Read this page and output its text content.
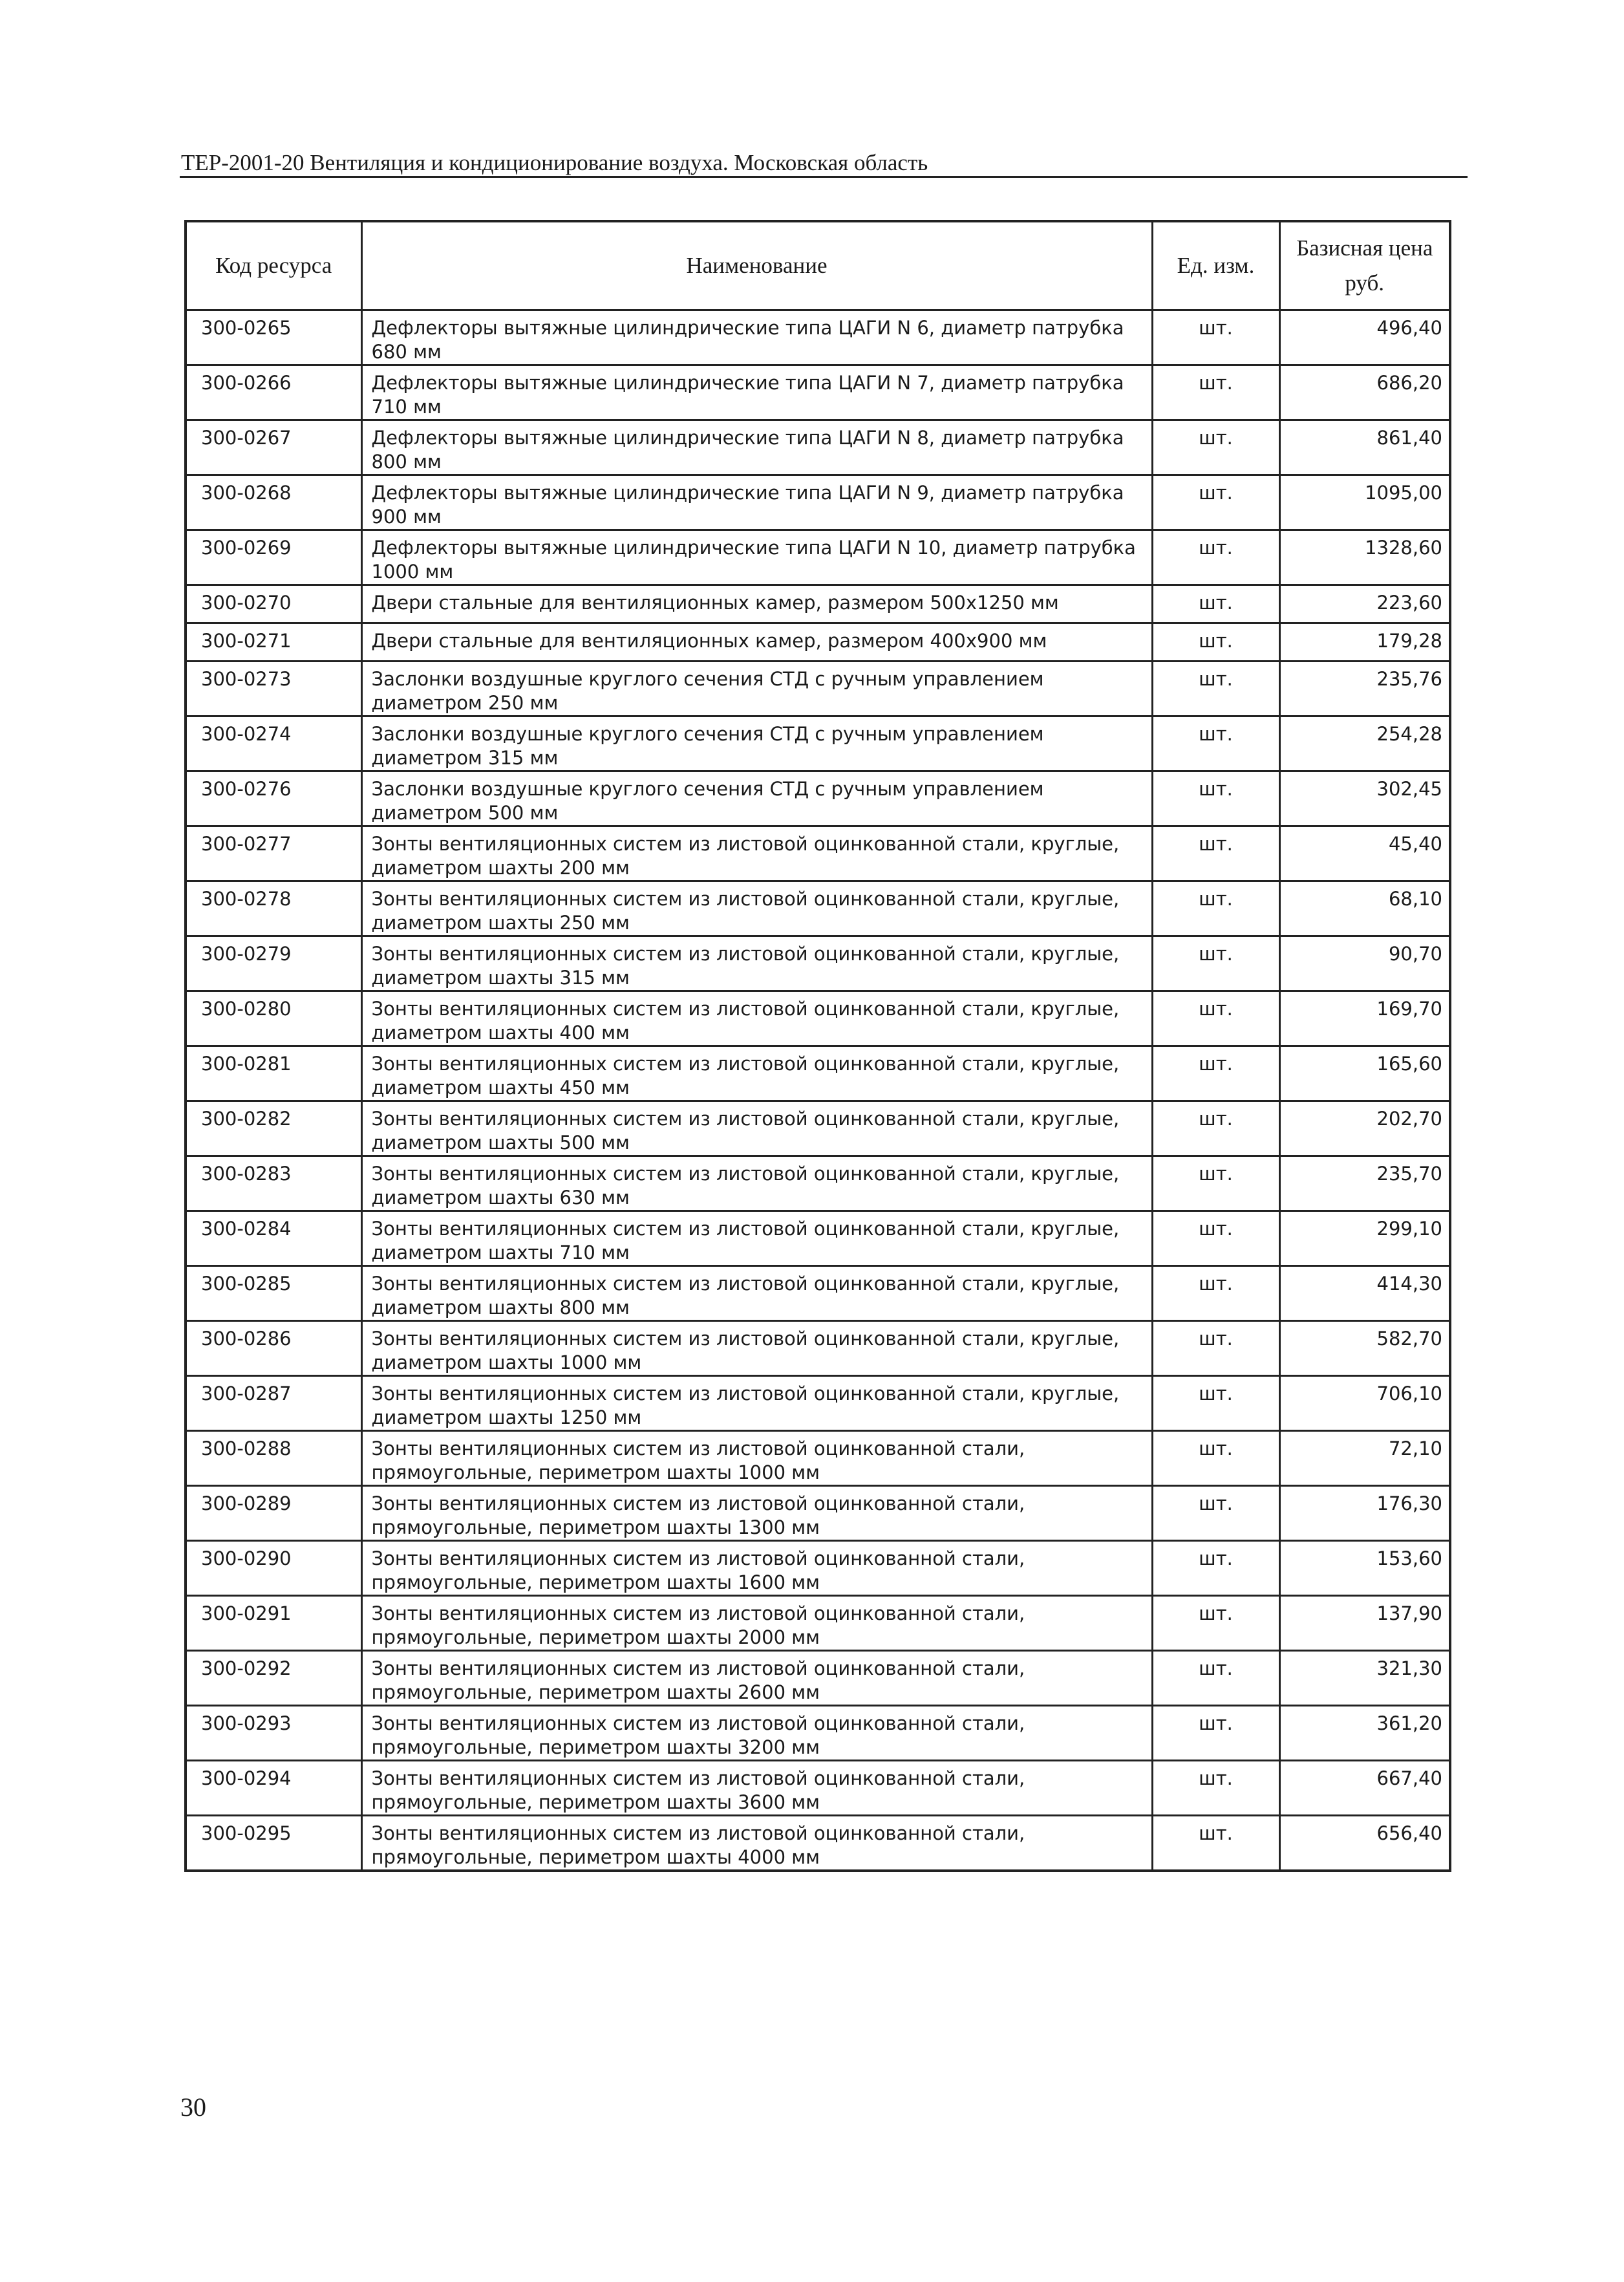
ТЕР-2001-20 Вентиляция и кондиционирование воздуха. Московская область
Код ресурса	Наименование	Ед. изм.	Базисная цена
руб.
300-0265	Дефлекторы вытяжные цилиндрические типа ЦАГИ N 6, диаметр патрубка 680 мм	шт.	496,40
300-0266	Дефлекторы вытяжные цилиндрические типа ЦАГИ N 7, диаметр патрубка 710 мм	шт.	686,20
300-0267	Дефлекторы вытяжные цилиндрические типа ЦАГИ N 8, диаметр патрубка 800 мм	шт.	861,40
300-0268	Дефлекторы вытяжные цилиндрические типа ЦАГИ N 9, диаметр патрубка 900 мм	шт.	1095,00
300-0269	Дефлекторы вытяжные цилиндрические типа ЦАГИ N 10, диаметр патрубка 1000 мм	шт.	1328,60
300-0270	Двери стальные для вентиляционных камер, размером 500x1250 мм	шт.	223,60
300-0271	Двери стальные для вентиляционных камер, размером 400x900 мм	шт.	179,28
300-0273	Заслонки воздушные круглого сечения СТД с ручным управлением диаметром 250 мм	шт.	235,76
300-0274	Заслонки воздушные круглого сечения СТД с ручным управлением диаметром 315 мм	шт.	254,28
300-0276	Заслонки воздушные круглого сечения СТД с ручным управлением диаметром 500 мм	шт.	302,45
300-0277	Зонты вентиляционных систем из листовой оцинкованной стали, круглые, диаметром шахты 200 мм	шт.	45,40
300-0278	Зонты вентиляционных систем из листовой оцинкованной стали, круглые, диаметром шахты 250 мм	шт.	68,10
300-0279	Зонты вентиляционных систем из листовой оцинкованной стали, круглые, диаметром шахты 315 мм	шт.	90,70
300-0280	Зонты вентиляционных систем из листовой оцинкованной стали, круглые, диаметром шахты 400 мм	шт.	169,70
300-0281	Зонты вентиляционных систем из листовой оцинкованной стали, круглые, диаметром шахты 450 мм	шт.	165,60
300-0282	Зонты вентиляционных систем из листовой оцинкованной стали, круглые, диаметром шахты 500 мм	шт.	202,70
300-0283	Зонты вентиляционных систем из листовой оцинкованной стали, круглые, диаметром шахты 630 мм	шт.	235,70
300-0284	Зонты вентиляционных систем из листовой оцинкованной стали, круглые, диаметром шахты 710 мм	шт.	299,10
300-0285	Зонты вентиляционных систем из листовой оцинкованной стали, круглые, диаметром шахты 800 мм	шт.	414,30
300-0286	Зонты вентиляционных систем из листовой оцинкованной стали, круглые, диаметром шахты 1000 мм	шт.	582,70
300-0287	Зонты вентиляционных систем из листовой оцинкованной стали, круглые, диаметром шахты 1250 мм	шт.	706,10
300-0288	Зонты вентиляционных систем из листовой оцинкованной стали, прямоугольные, периметром шахты 1000 мм	шт.	72,10
300-0289	Зонты вентиляционных систем из листовой оцинкованной стали, прямоугольные, периметром шахты 1300 мм	шт.	176,30
300-0290	Зонты вентиляционных систем из листовой оцинкованной стали, прямоугольные, периметром шахты 1600 мм	шт.	153,60
300-0291	Зонты вентиляционных систем из листовой оцинкованной стали, прямоугольные, периметром шахты 2000 мм	шт.	137,90
300-0292	Зонты вентиляционных систем из листовой оцинкованной стали, прямоугольные, периметром шахты 2600 мм	шт.	321,30
300-0293	Зонты вентиляционных систем из листовой оцинкованной стали, прямоугольные, периметром шахты 3200 мм	шт.	361,20
300-0294	Зонты вентиляционных систем из листовой оцинкованной стали, прямоугольные, периметром шахты 3600 мм	шт.	667,40
300-0295	Зонты вентиляционных систем из листовой оцинкованной стали, прямоугольные, периметром шахты 4000 мм	шт.	656,40
30
